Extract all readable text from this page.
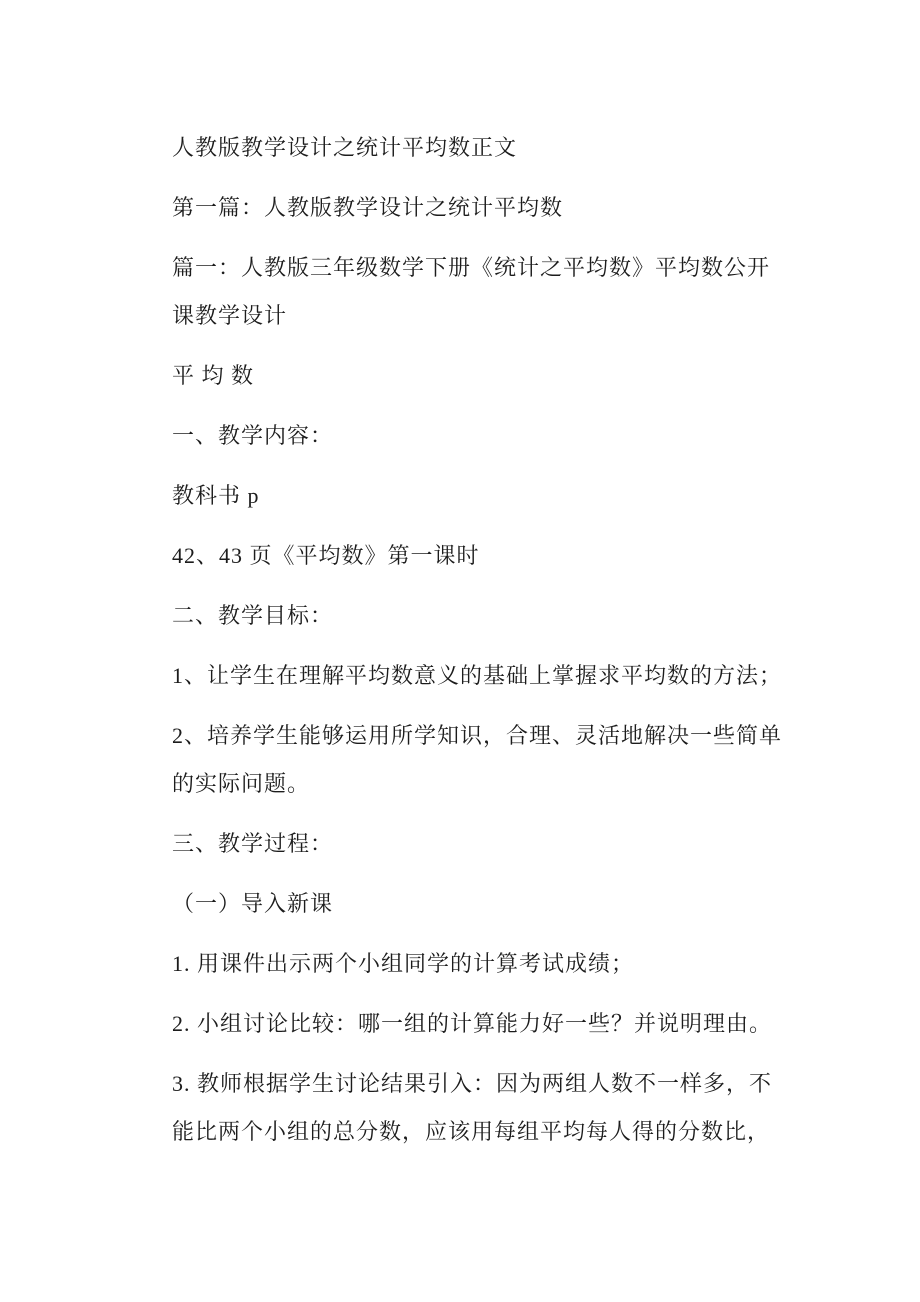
人教版教学设计之统计平均数正文

第一篇：人教版教学设计之统计平均数

篇一：人教版三年级数学下册《统计之平均数》平均数公开

课教学设计

平 均 数

一、教学内容：

教科书 p

42、43 页《平均数》第一课时

二、教学目标：

1、让学生在理解平均数意义的基础上掌握求平均数的方法；

2、培养学生能够运用所学知识，合理、灵活地解决一些简单

的实际问题。

三、教学过程：

（一）导入新课

1. 用课件出示两个小组同学的计算考试成绩；

2. 小组讨论比较：哪一组的计算能力好一些？并说明理由。

3. 教师根据学生讨论结果引入：因为两组人数不一样多，不

能比两个小组的总分数，应该用每组平均每人得的分数比，
